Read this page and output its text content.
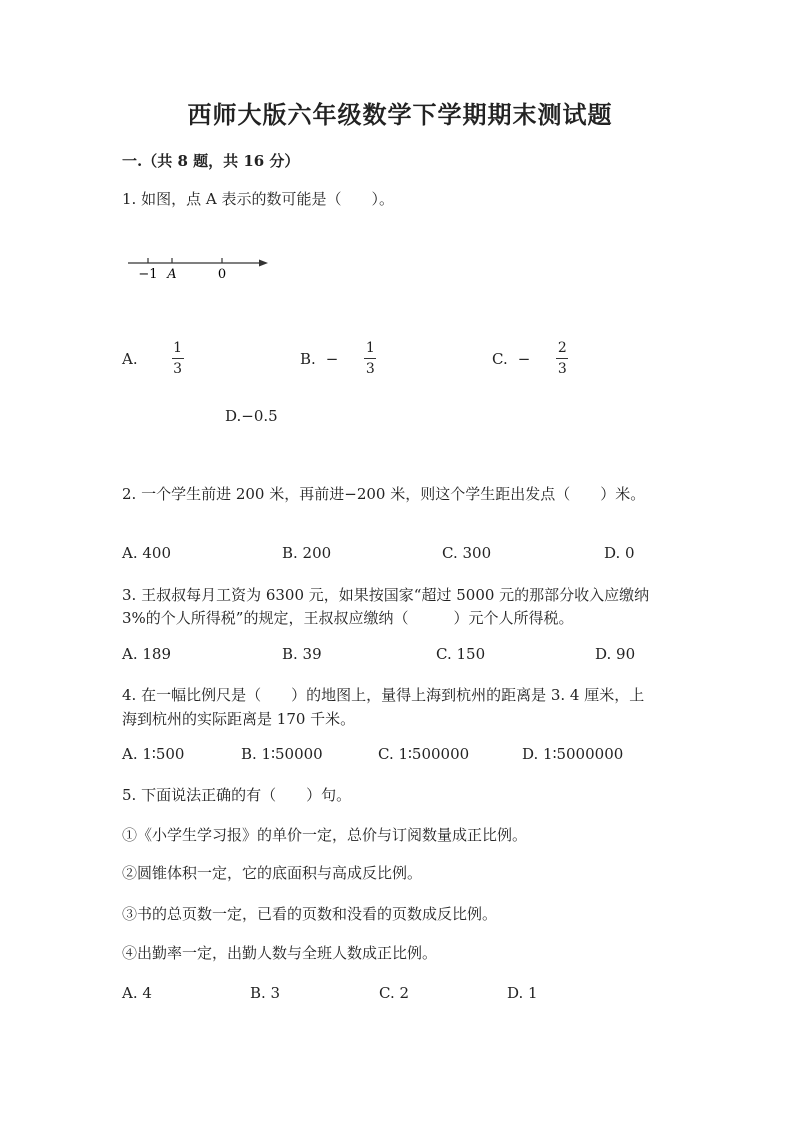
西师大版六年级数学下学期期末测试题
一.（共 8 题，共 16 分）
1. 如图，点 A 表示的数可能是（　　）。
−1 A	0
A. $\frac{1}{3}$	B. − $\frac{1}{3}$	C. − $\frac{2}{3}$
D.−0.5
2. 一个学生前进 200 米，再前进−200 米，则这个学生距出发点（　　）米。
A. 400	B. 200	C. 300	D. 0
3. 王叔叔每月工资为 6300 元，如果按国家“超过 5000 元的那部分收入应缴纳
3%的个人所得税”的规定，王叔叔应缴纳（　　　）元个人所得税。
A. 189	B. 39	C. 150	D. 90
4. 在一幅比例尺是（　　）的地图上，量得上海到杭州的距离是 3. 4 厘米，上
海到杭州的实际距离是 170 千米。
A. 1∶500	B. 1∶50000	C. 1∶500000	D. 1∶5000000
5. 下面说法正确的有（　　）句。
①《小学生学习报》的单价一定，总价与订阅数量成正比例。
②圆锥体积一定，它的底面积与高成反比例。
③书的总页数一定，已看的页数和没看的页数成反比例。
④出勤率一定，出勤人数与全班人数成正比例。
A. 4	B. 3	C. 2	D. 1
